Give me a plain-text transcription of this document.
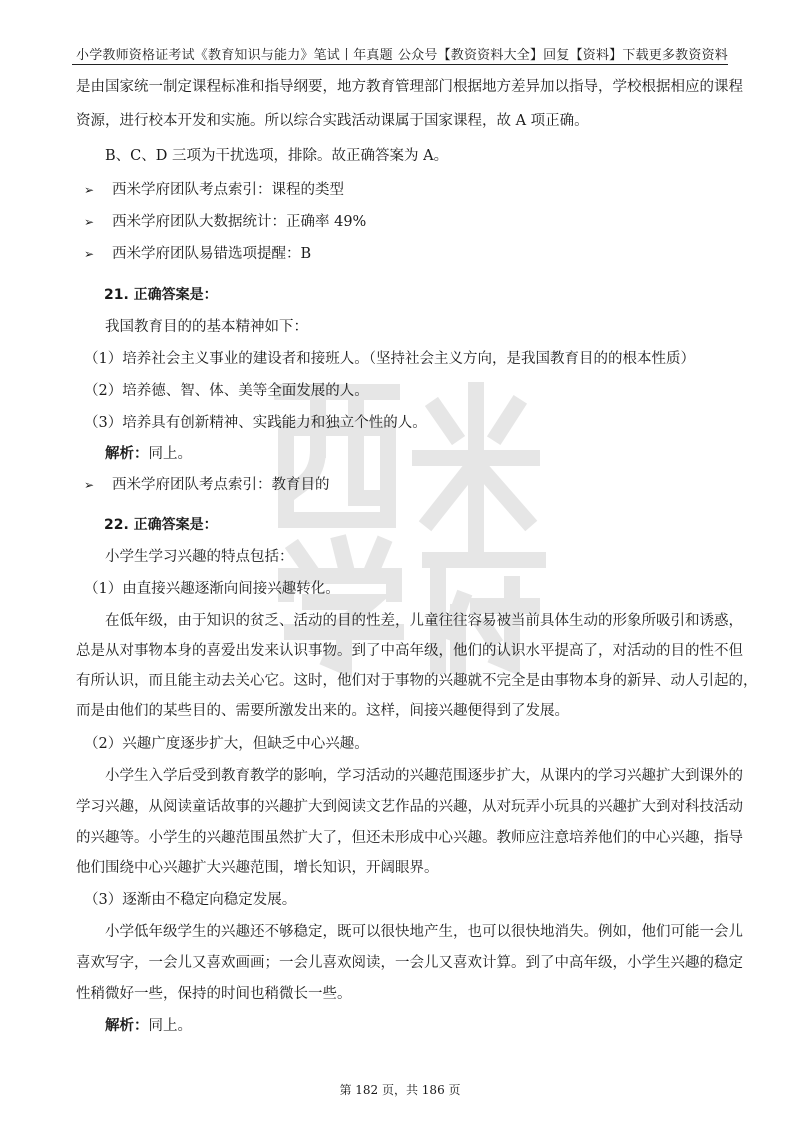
小学教师资格证考试《教育知识与能力》笔试丨年真题 公众号【教资资料大全】回复【资料】下载更多教资资料
是由国家统一制定课程标准和指导纲要，地方教育管理部门根据地方差异加以指导，学校根据相应的课程
资源，进行校本开发和实施。所以综合实践活动课属于国家课程，故 A 项正确。
B、C、D 三项为干扰选项，排除。故正确答案为 A。
➢ 西米学府团队考点索引：课程的类型
➢ 西米学府团队大数据统计：正确率 49%
➢ 西米学府团队易错选项提醒：B
21. 正确答案是：
我国教育目的的基本精神如下：
（1）培养社会主义事业的建设者和接班人。（坚持社会主义方向，是我国教育目的的根本性质）
（2）培养德、智、体、美等全面发展的人。
（3）培养具有创新精神、实践能力和独立个性的人。
解析：同上。
➢ 西米学府团队考点索引：教育目的
22. 正确答案是：
小学生学习兴趣的特点包括：
（1）由直接兴趣逐渐向间接兴趣转化。
在低年级，由于知识的贫乏、活动的目的性差，儿童往往容易被当前具体生动的形象所吸引和诱惑，
总是从对事物本身的喜爱出发来认识事物。到了中高年级，他们的认识水平提高了，对活动的目的性不但
有所认识，而且能主动去关心它。这时，他们对于事物的兴趣就不完全是由事物本身的新异、动人引起的，
而是由他们的某些目的、需要所激发出来的。这样，间接兴趣便得到了发展。
（2）兴趣广度逐步扩大，但缺乏中心兴趣。
小学生入学后受到教育教学的影响，学习活动的兴趣范围逐步扩大，从课内的学习兴趣扩大到课外的
学习兴趣，从阅读童话故事的兴趣扩大到阅读文艺作品的兴趣，从对玩弄小玩具的兴趣扩大到对科技活动
的兴趣等。小学生的兴趣范围虽然扩大了，但还未形成中心兴趣。教师应注意培养他们的中心兴趣，指导
他们围绕中心兴趣扩大兴趣范围，增长知识，开阔眼界。
（3）逐渐由不稳定向稳定发展。
小学低年级学生的兴趣还不够稳定，既可以很快地产生，也可以很快地消失。例如，他们可能一会儿
喜欢写字，一会儿又喜欢画画；一会儿喜欢阅读，一会儿又喜欢计算。到了中高年级，小学生兴趣的稳定
性稍微好一些，保持的时间也稍微长一些。
解析：同上。
第 182 页，共 186 页
